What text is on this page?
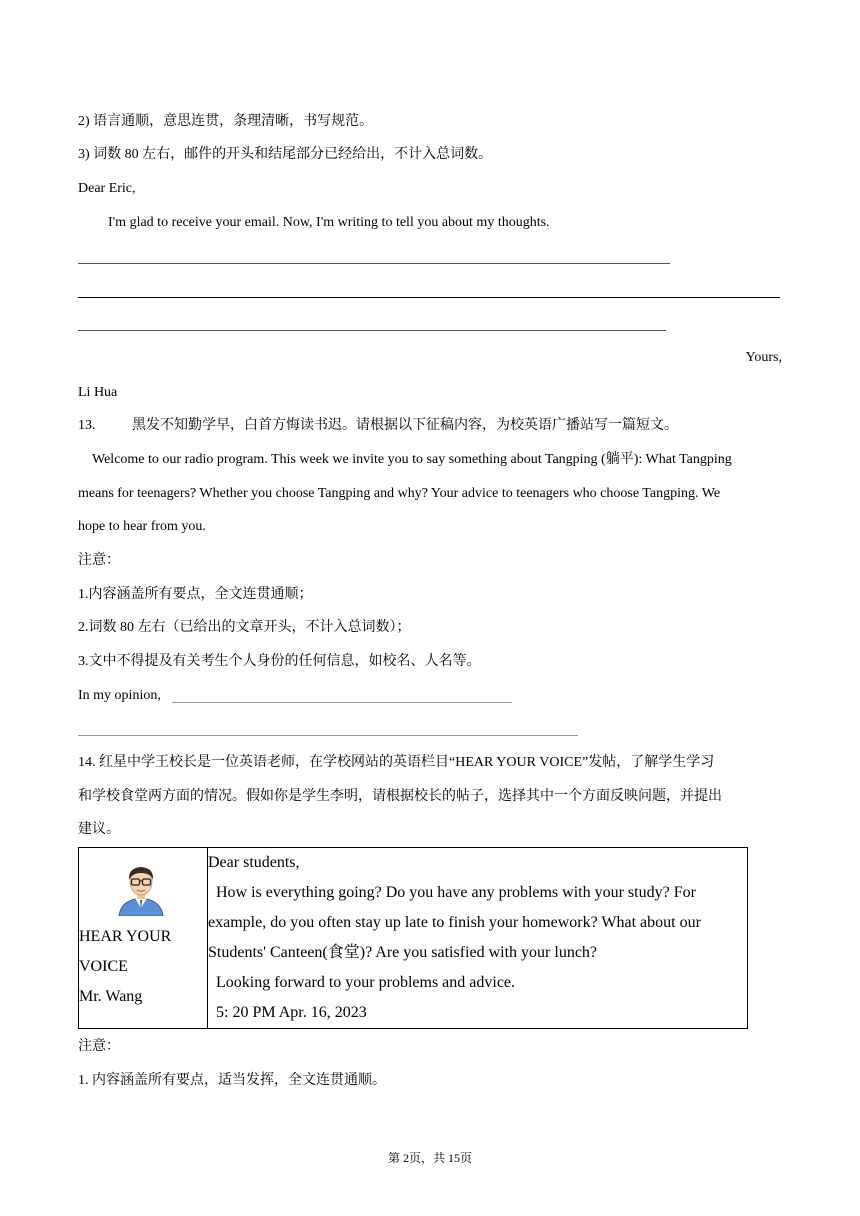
2) 语言通顺，意思连贯，条理清晰，书写规范。
3) 词数 80 左右，邮件的开头和结尾部分已经给出，不计入总词数。
Dear Eric,
I'm glad to receive your email. Now, I'm writing to tell you about my thoughts.
Yours,
Li Hua
13.	黑发不知勤学早，白首方悔读书迟。请根据以下征稿内容，为校英语广播站写一篇短文。
Welcome to our radio program. This week we invite you to say something about Tangping (躺平): What Tangping
means for teenagers? Whether you choose Tangping and why? Your advice to teenagers who choose Tangping. We
hope to hear from you.
注意：
1.内容涵盖所有要点，全文连贯通顺；
2.词数 80 左右（已给出的文章开头，不计入总词数）；
3.文中不得提及有关考生个人身份的任何信息，如校名、人名等。
In my opinion,
14. 红星中学王校长是一位英语老师，在学校网站的英语栏目“HEAR YOUR VOICE”发帖，了解学生学习
和学校食堂两方面的情况。假如你是学生李明，请根据校长的帖子，选择其中一个方面反映问题，并提出
建议。
HEAR YOUR
VOICE
Mr. Wang

Dear students,
How is everything going? Do you have any problems with your study? For
example, do you often stay up late to finish your homework? What about our
Students' Canteen(食堂)? Are you satisfied with your lunch?
Looking forward to your problems and advice.
5: 20 PM Apr. 16, 2023
注意：
1. 内容涵盖所有要点，适当发挥，全文连贯通顺。
第 2页，共 15页
